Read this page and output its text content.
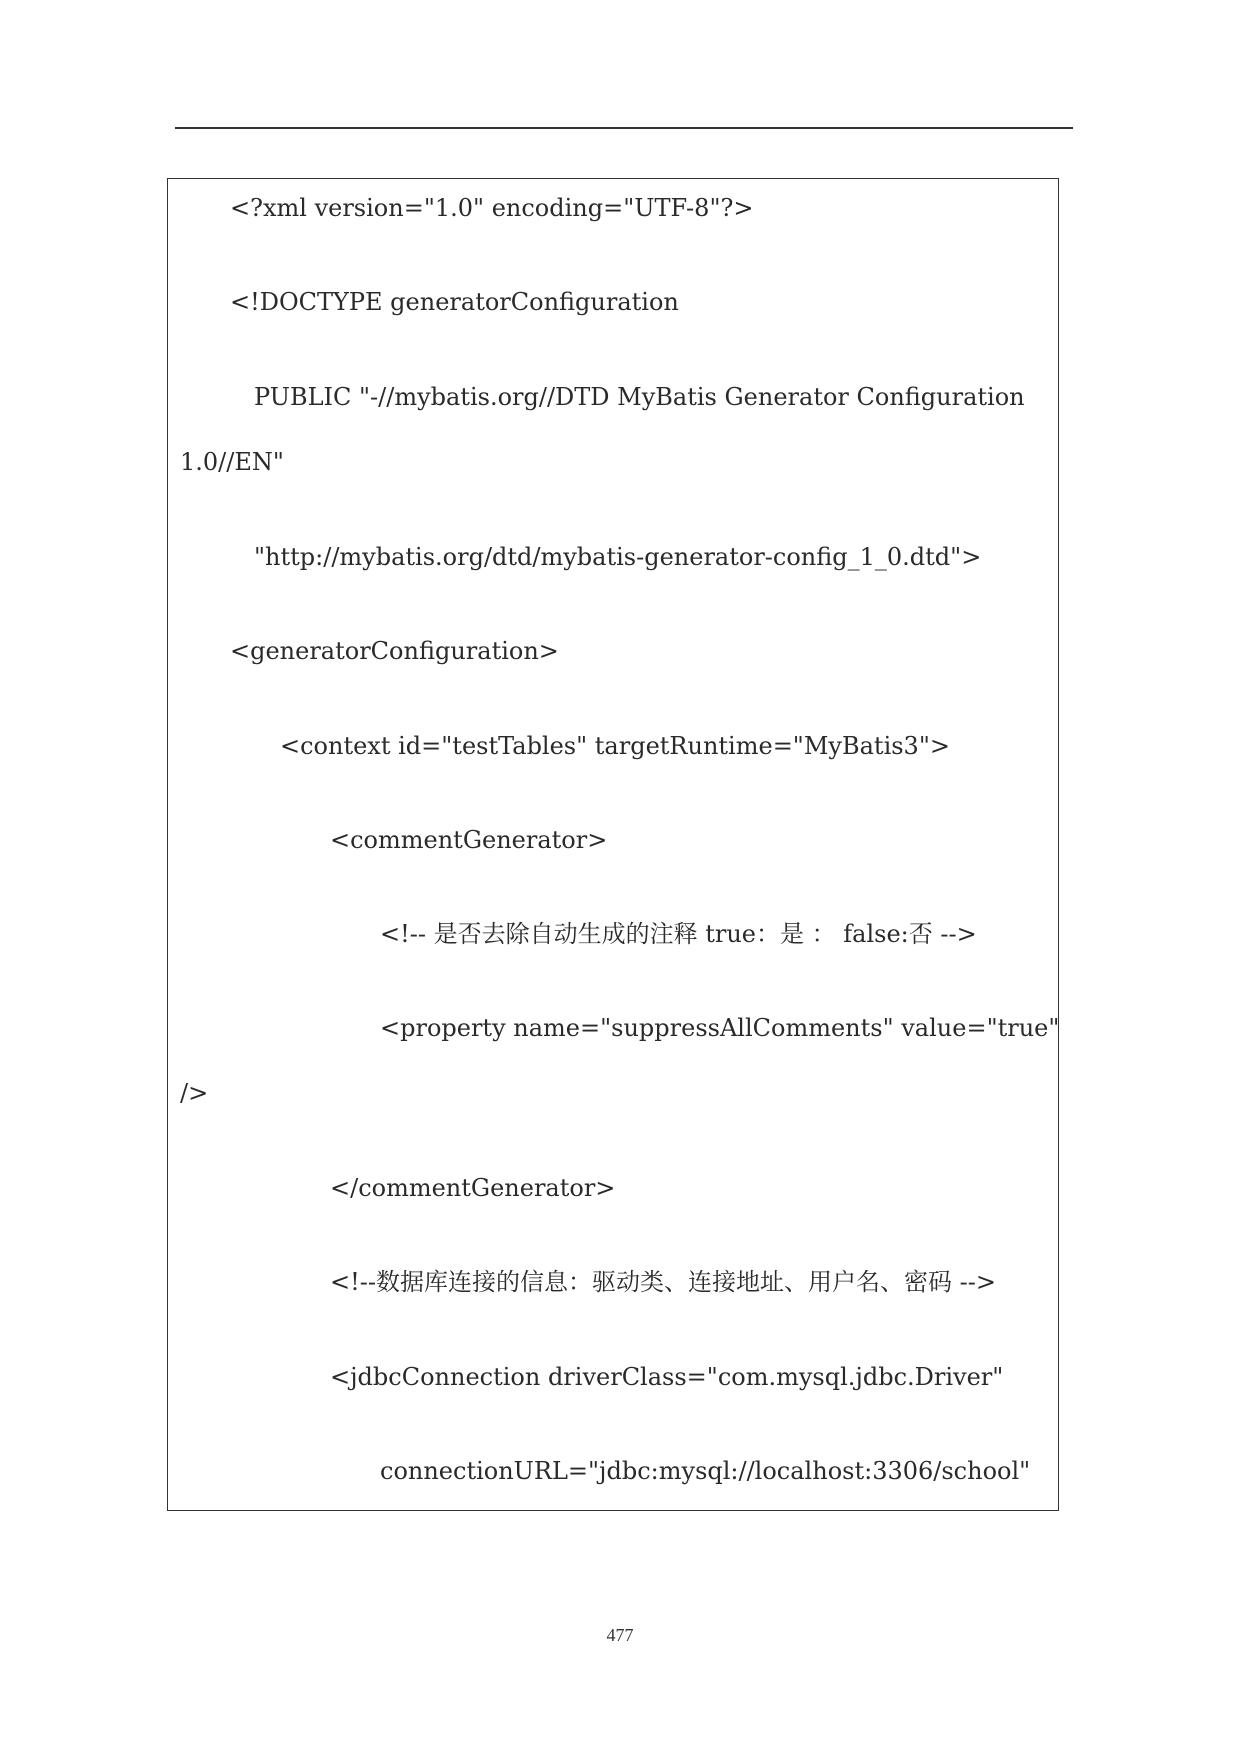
<?xml version="1.0" encoding="UTF-8"?>
<!DOCTYPE generatorConfiguration
PUBLIC "-//mybatis.org//DTD MyBatis Generator Configuration
1.0//EN"
"http://mybatis.org/dtd/mybatis-generator-config_1_0.dtd">
<generatorConfiguration>
<context id="testTables" targetRuntime="MyBatis3">
<commentGenerator>
<!-- 是否去除自动生成的注释 true：是 ： false:否 -->
<property name="suppressAllComments" value="true"
/>
</commentGenerator>
<!--数据库连接的信息：驱动类、连接地址、用户名、密码 -->
<jdbcConnection driverClass="com.mysql.jdbc.Driver"
connectionURL="jdbc:mysql://localhost:3306/school"
477
